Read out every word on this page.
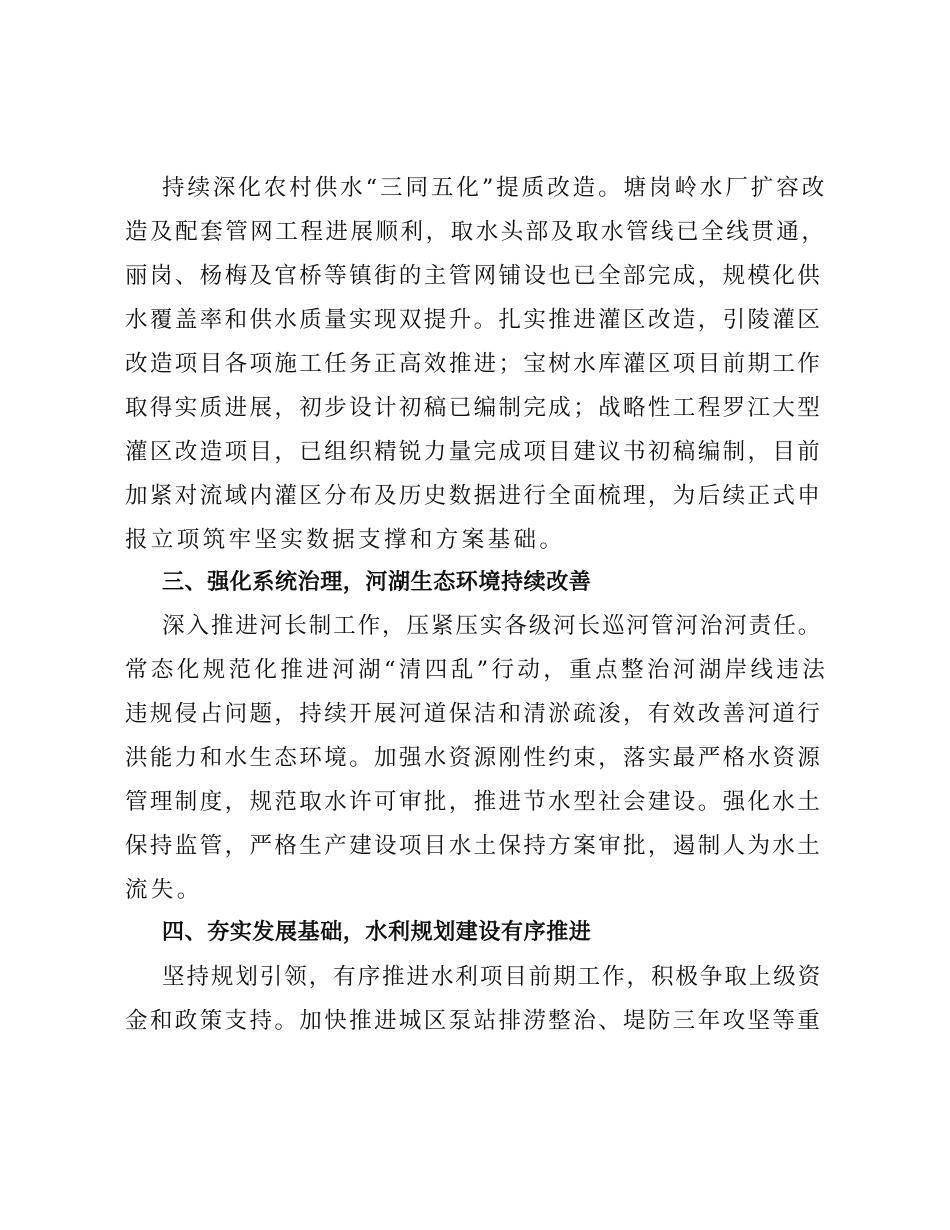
持续深化农村供水“三同五化”提质改造。塘岗岭水厂扩容改

造及配套管网工程进展顺利，取水头部及取水管线已全线贯通，

丽岗、杨梅及官桥等镇街的主管网铺设也已全部完成，规模化供

水覆盖率和供水质量实现双提升。扎实推进灌区改造，引陵灌区

改造项目各项施工任务正高效推进；宝树水库灌区项目前期工作

取得实质进展，初步设计初稿已编制完成；战略性工程罗江大型

灌区改造项目，已组织精锐力量完成项目建议书初稿编制，目前

加紧对流域内灌区分布及历史数据进行全面梳理，为后续正式申

报立项筑牢坚实数据支撑和方案基础。

三、强化系统治理，河湖生态环境持续改善

深入推进河长制工作，压紧压实各级河长巡河管河治河责任。

常态化规范化推进河湖“清四乱”行动，重点整治河湖岸线违法

违规侵占问题，持续开展河道保洁和清淤疏浚，有效改善河道行

洪能力和水生态环境。加强水资源刚性约束，落实最严格水资源

管理制度，规范取水许可审批，推进节水型社会建设。强化水土

保持监管，严格生产建设项目水土保持方案审批，遏制人为水土

流失。

四、夯实发展基础，水利规划建设有序推进

坚持规划引领，有序推进水利项目前期工作，积极争取上级资

金和政策支持。加快推进城区泵站排涝整治、堤防三年攻坚等重
